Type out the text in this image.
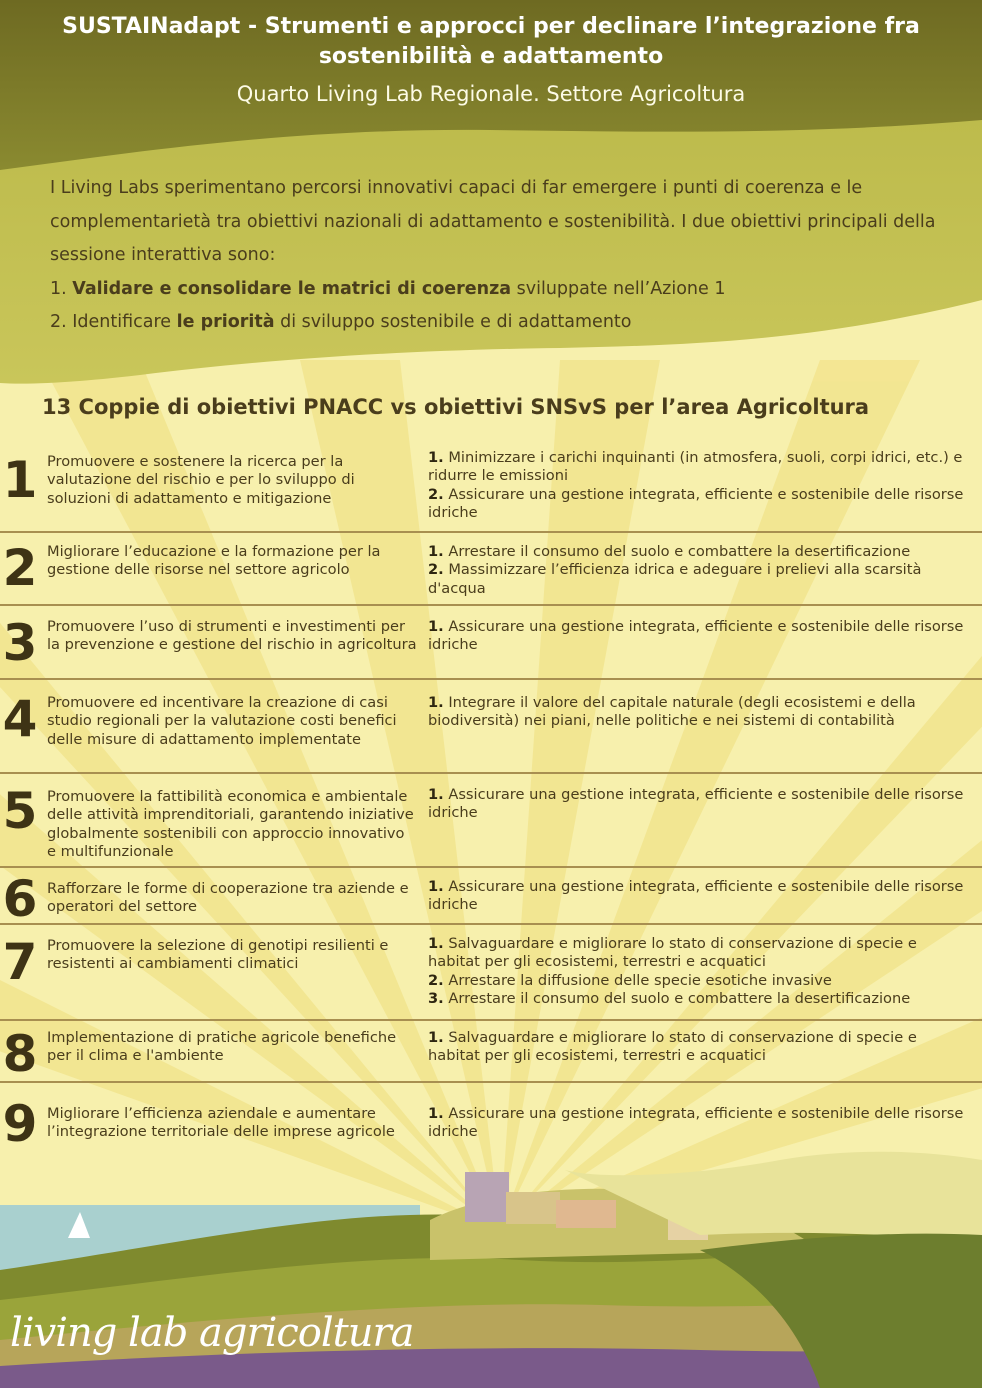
SUSTAINadapt - Strumenti e approcci per declinare l’integrazione fra sostenibilità e adattamento
Quarto Living Lab Regionale. Settore Agricoltura

I Living Labs sperimentano percorsi innovativi capaci di far emergere i punti di coerenza e le complementarietà tra obiettivi nazionali di adattamento e sostenibilità. I due obiettivi principali della sessione interattiva sono:

1. Validare e consolidare le matrici di coerenza sviluppate nell’Azione 1

2. Identificare le priorità di sviluppo sostenibile e di adattamento

13 Coppie di obiettivi PNACC vs obiettivi SNSvS per l’area Agricoltura
1 Promuovere e sostenere la ricerca per la valutazione del rischio e per lo sviluppo di soluzioni di adattamento e mitigazione
1. Minimizzare i carichi inquinanti (in atmosfera, suoli, corpi idrici, etc.) e ridurre le emissioni
2. Assicurare una gestione integrata, efficiente e sostenibile delle risorse idriche
2 Migliorare l’educazione e la formazione per la gestione delle risorse nel settore agricolo
1. Arrestare il consumo del suolo e combattere la desertificazione
2. Massimizzare l’efficienza idrica e adeguare i prelievi alla scarsità d'acqua
3 Promuovere l’uso di strumenti e investimenti per la prevenzione e gestione del rischio in agricoltura
1. Assicurare una gestione integrata, efficiente e sostenibile delle risorse idriche
4 Promuovere ed incentivare la creazione di casi studio regionali per la valutazione costi benefici delle misure di adattamento implementate
1. Integrare il valore del capitale naturale (degli ecosistemi e della biodiversità) nei piani, nelle politiche e nei sistemi di contabilità
5 Promuovere la fattibilità economica e ambientale delle attività imprenditoriali, garantendo iniziative globalmente sostenibili con approccio innovativo e multifunzionale
1. Assicurare una gestione integrata, efficiente e sostenibile delle risorse idriche
6 Rafforzare le forme di cooperazione tra aziende e operatori del settore
1. Assicurare una gestione integrata, efficiente e sostenibile delle risorse idriche
7 Promuovere la selezione di genotipi resilienti e resistenti ai cambiamenti climatici
1. Salvaguardare e migliorare lo stato di conservazione di specie e habitat per gli ecosistemi, terrestri e acquatici
2. Arrestare la diffusione delle specie esotiche invasive
3. Arrestare il consumo del suolo e combattere la desertificazione
8 Implementazione di pratiche agricole benefiche per il clima e l'ambiente
1. Salvaguardare e migliorare lo stato di conservazione di specie e habitat per gli ecosistemi, terrestri e acquatici
9 Migliorare l’efficienza aziendale e aumentare l’integrazione territoriale delle imprese agricole
1. Assicurare una gestione integrata, efficiente e sostenibile delle risorse idriche
living lab agricoltura
